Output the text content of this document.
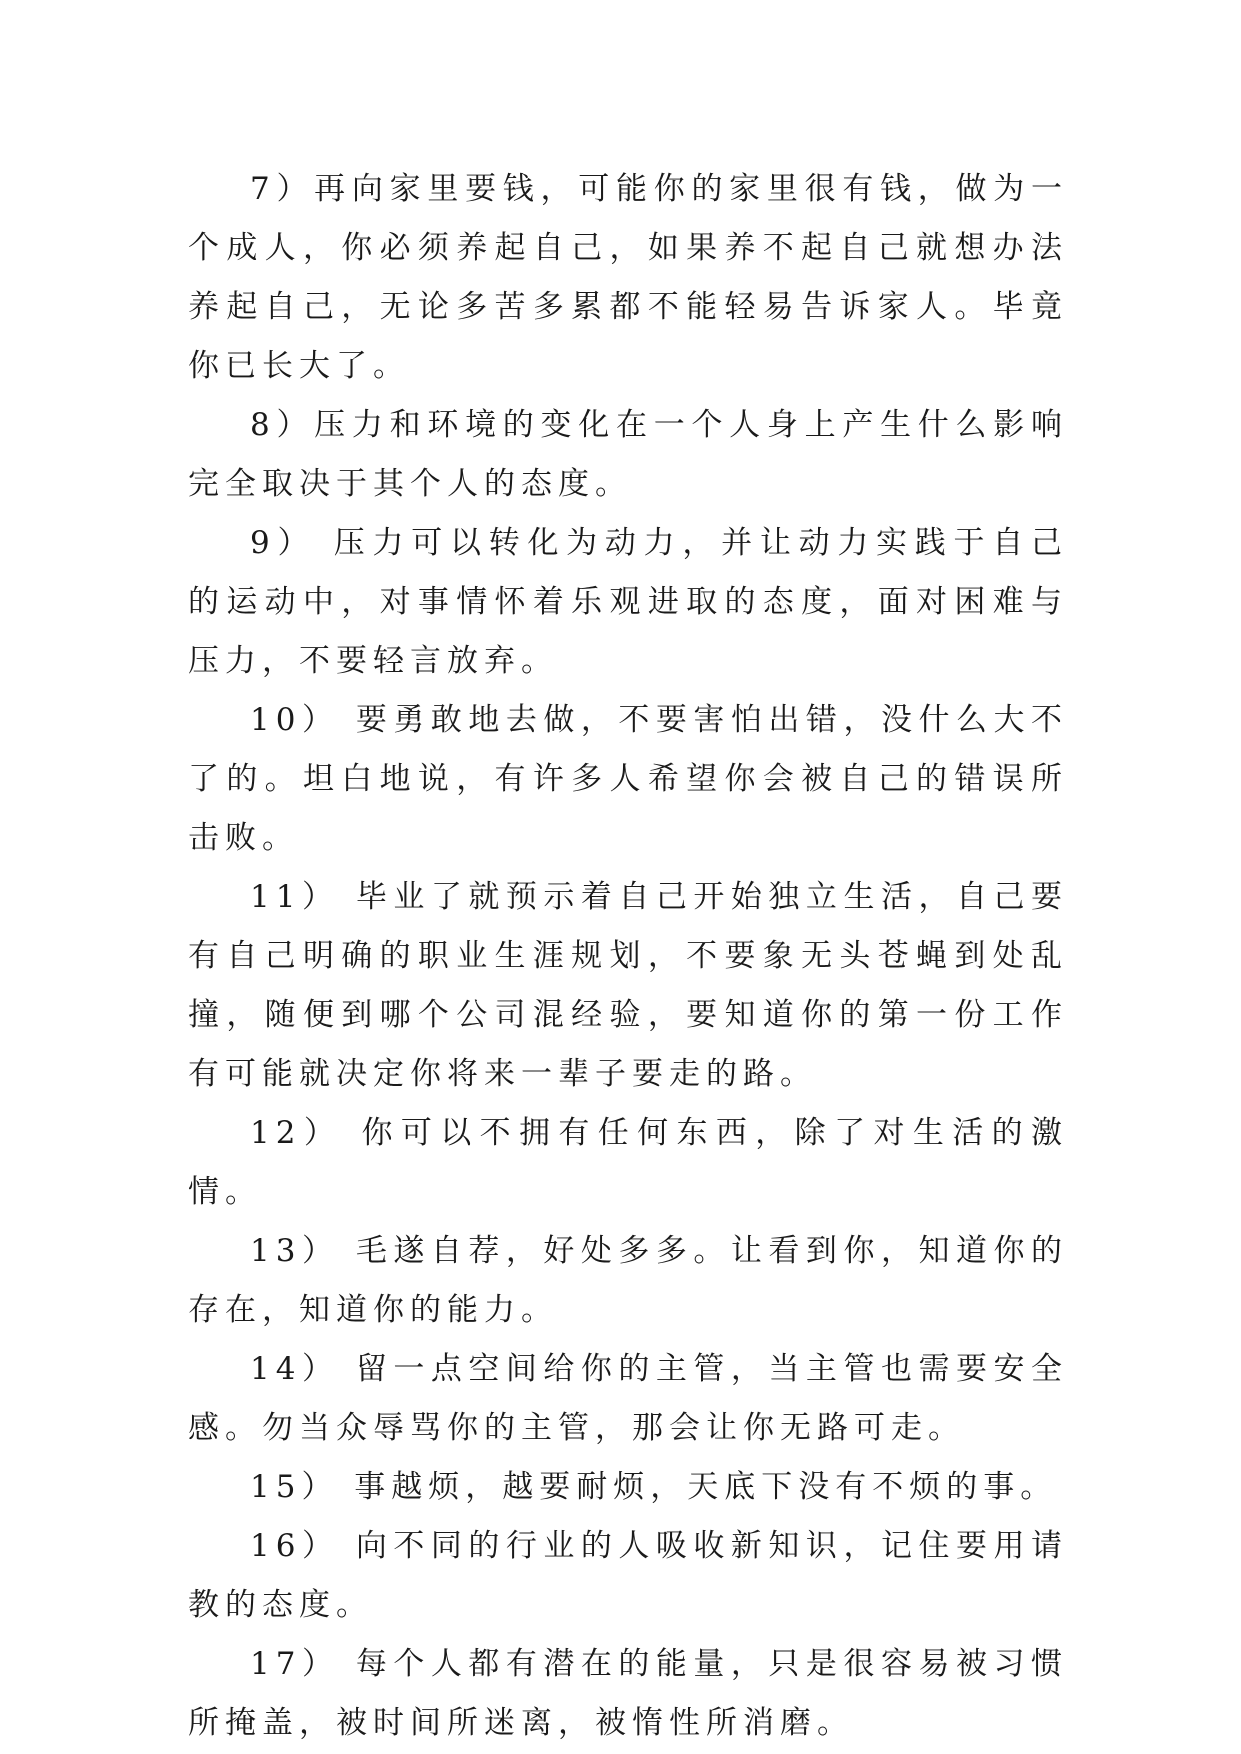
7）再向家里要钱，可能你的家里很有钱，做为一个成人，你必须养起自己，如果养不起自己就想办法养起自己，无论多苦多累都不能轻易告诉家人。毕竟你已长大了。

8）压力和环境的变化在一个人身上产生什么影响完全取决于其个人的态度。

9） 压力可以转化为动力，并让动力实践于自己的运动中，对事情怀着乐观进取的态度，面对困难与压力，不要轻言放弃。

10） 要勇敢地去做，不要害怕出错，没什么大不了的。坦白地说，有许多人希望你会被自己的错误所击败。

11） 毕业了就预示着自己开始独立生活，自己要有自己明确的职业生涯规划，不要象无头苍蝇到处乱撞，随便到哪个公司混经验，要知道你的第一份工作有可能就决定你将来一辈子要走的路。

12） 你可以不拥有任何东西，除了对生活的激情。

13） 毛遂自荐，好处多多。让看到你，知道你的存在，知道你的能力。

14） 留一点空间给你的主管，当主管也需要安全感。勿当众辱骂你的主管，那会让你无路可走。

15） 事越烦，越要耐烦，天底下没有不烦的事。

16） 向不同的行业的人吸收新知识，记住要用请教的态度。

17） 每个人都有潜在的能量，只是很容易被习惯所掩盖，被时间所迷离，被惰性所消磨。
